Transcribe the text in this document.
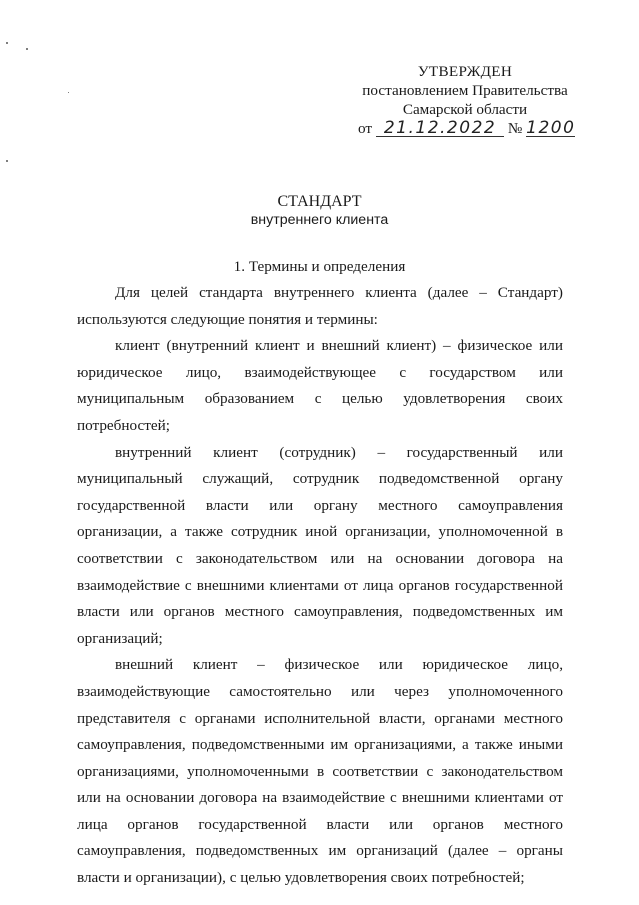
УТВЕРЖДЕН
постановлением Правительства
Самарской области
от 21.12.2022 № 1200
СТАНДАРТ
внутреннего клиента
1. Термины и определения

Для целей стандарта внутреннего клиента (далее – Стандарт) используются следующие понятия и термины:

клиент (внутренний клиент и внешний клиент) – физическое или юридическое лицо, взаимодействующее с государством или муниципальным образованием с целью удовлетворения своих потребностей;

внутренний клиент (сотрудник) – государственный или муниципальный служащий, сотрудник подведомственной органу государственной власти или органу местного самоуправления организации, а также сотрудник иной организации, уполномоченной в соответствии с законодательством или на основании договора на взаимодействие с внешними клиентами от лица органов государственной власти или органов местного самоуправления, подведомственных им организаций;

внешний клиент – физическое или юридическое лицо, взаимодействующие самостоятельно или через уполномоченного представителя с органами исполнительной власти, органами местного самоуправления, подведомственными им организациями, а также иными организациями, уполномоченными в соответствии с законодательством или на основании договора на взаимодействие с внешними клиентами от лица органов государственной власти или органов местного самоуправления, подведомственных им организаций (далее – органы власти и организации), с целью удовлетворения своих потребностей;
